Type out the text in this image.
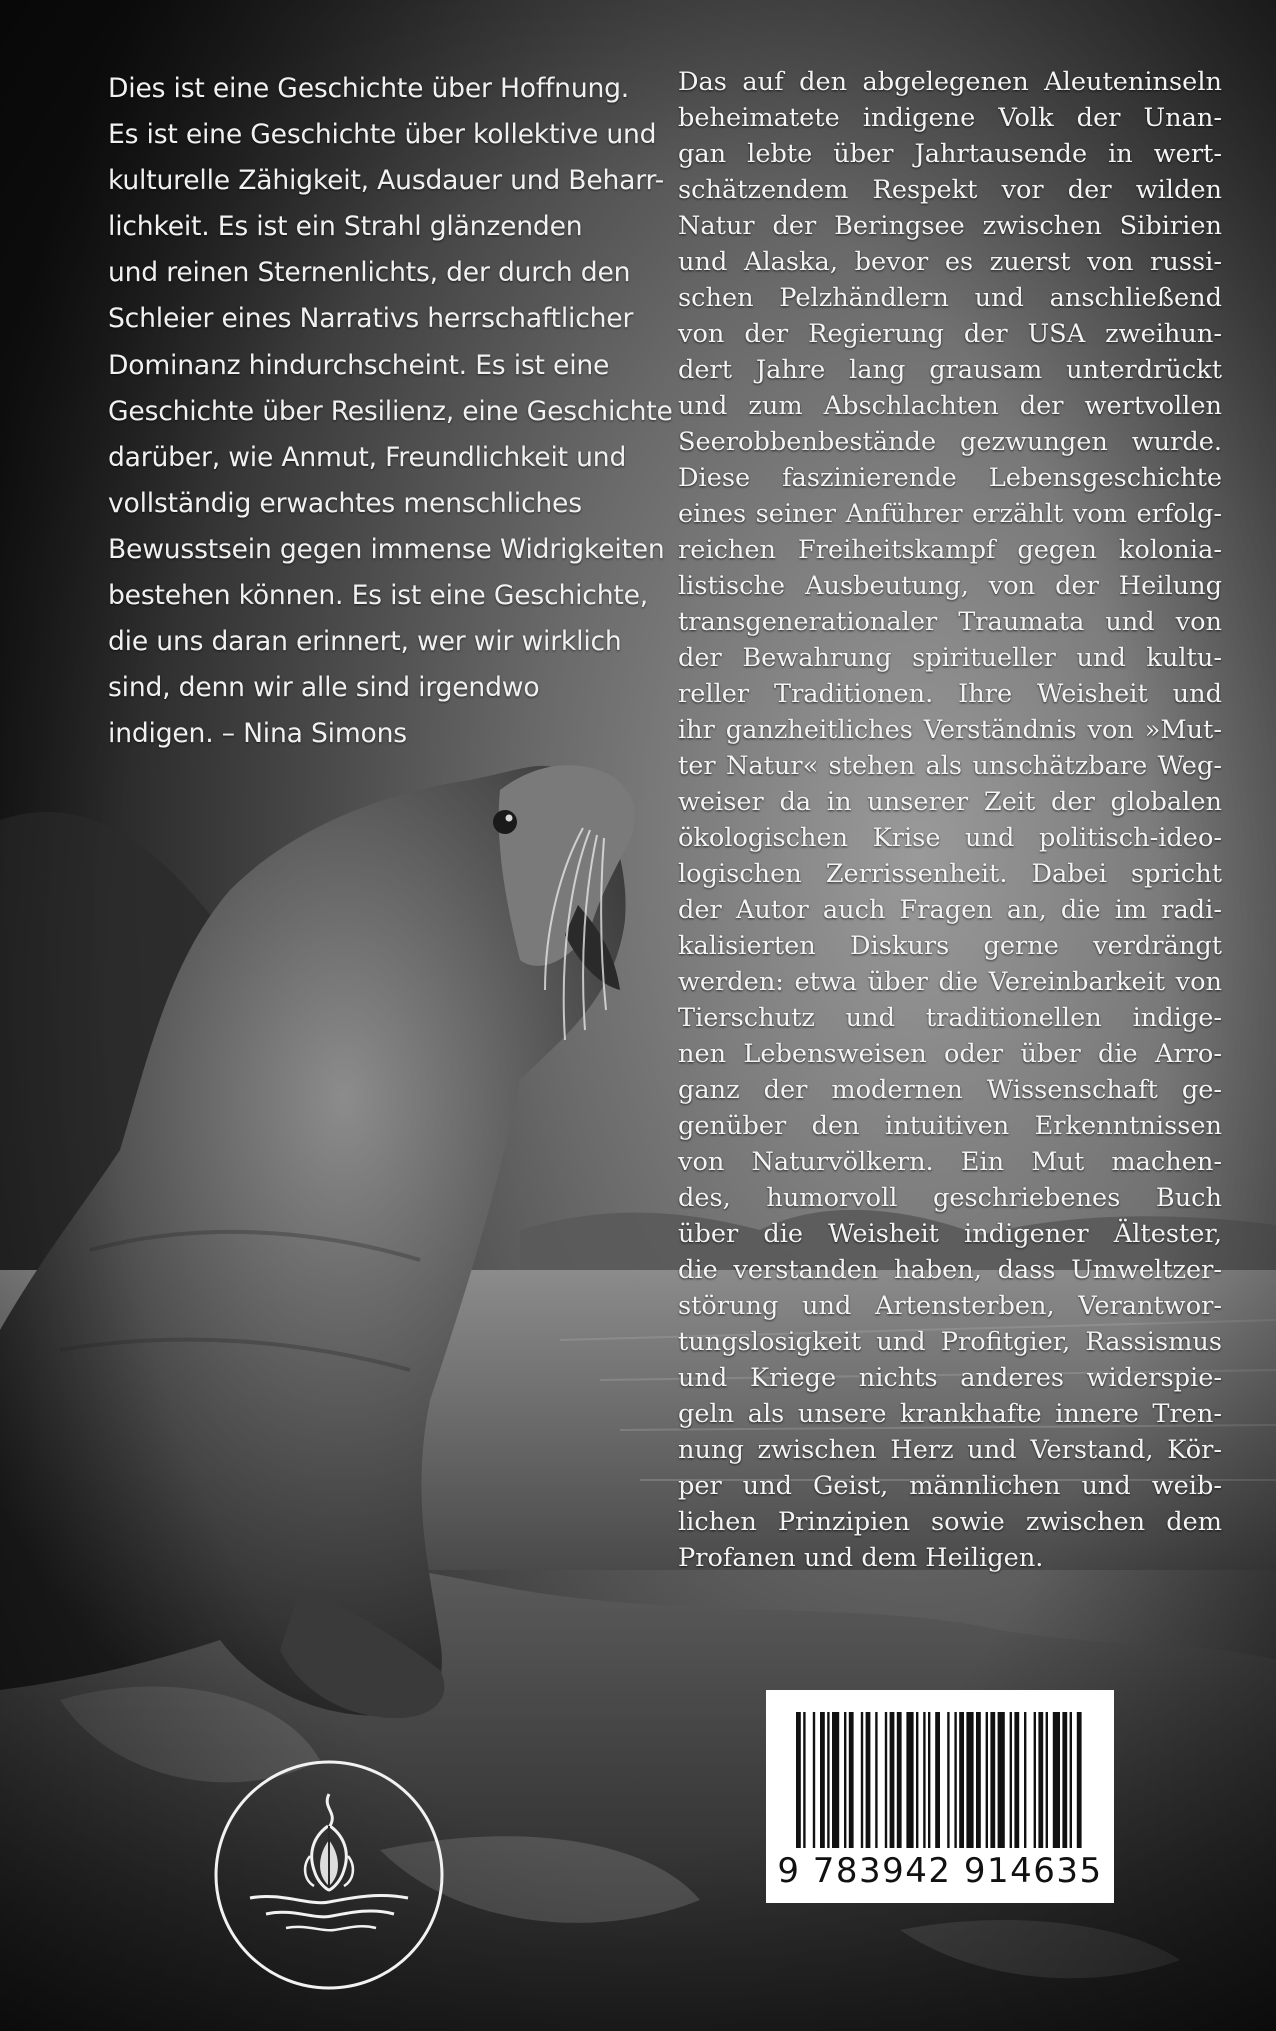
Dies ist eine Geschichte über Hoffnung.
Es ist eine Geschichte über kollektive und
kulturelle Zähigkeit, Ausdauer und Beharr-
lichkeit. Es ist ein Strahl glänzenden
und reinen Sternenlichts, der durch den
Schleier eines Narrativs herrschaftlicher
Dominanz hindurchscheint. Es ist eine
Geschichte über Resilienz, eine Geschichte
darüber, wie Anmut, Freundlichkeit und
vollständig erwachtes menschliches
Bewusstsein gegen immense Widrigkeiten
bestehen können. Es ist eine Geschichte,
die uns daran erinnert, wer wir wirklich
sind, denn wir alle sind irgendwo
indigen. – Nina Simons
Das auf den abgelegenen Aleuteninseln
beheimatete indigene Volk der Unan-
gan lebte über Jahrtausende in wert-
schätzendem Respekt vor der wilden
Natur der Beringsee zwischen Sibirien
und Alaska, bevor es zuerst von russi-
schen Pelzhändlern und anschließend
von der Regierung der USA zweihun-
dert Jahre lang grausam unterdrückt
und zum Abschlachten der wertvollen
Seerobbenbestände gezwungen wurde.
Diese faszinierende Lebensgeschichte
eines seiner Anführer erzählt vom erfolg-
reichen Freiheitskampf gegen kolonia-
listische Ausbeutung, von der Heilung
transgenerationaler Traumata und von
der Bewahrung spiritueller und kultu-
reller Traditionen. Ihre Weisheit und
ihr ganzheitliches Verständnis von »Mut-
ter Natur« stehen als unschätzbare Weg-
weiser da in unserer Zeit der globalen
ökologischen Krise und politisch-ideo-
logischen Zerrissenheit. Dabei spricht
der Autor auch Fragen an, die im radi-
kalisierten Diskurs gerne verdrängt
werden: etwa über die Vereinbarkeit von
Tierschutz und traditionellen indige-
nen Lebensweisen oder über die Arro-
ganz der modernen Wissenschaft ge-
genüber den intuitiven Erkenntnissen
von Naturvölkern. Ein Mut machen-
des, humorvoll geschriebenes Buch
über die Weisheit indigener Ältester,
die verstanden haben, dass Umweltzer-
störung und Artensterben, Verantwor-
tungslosigkeit und Profitgier, Rassismus
und Kriege nichts anderes widerspie-
geln als unsere krankhafte innere Tren-
nung zwischen Herz und Verstand, Kör-
per und Geist, männlichen und weib-
lichen Prinzipien sowie zwischen dem
Profanen und dem Heiligen.
9 783942 914635
